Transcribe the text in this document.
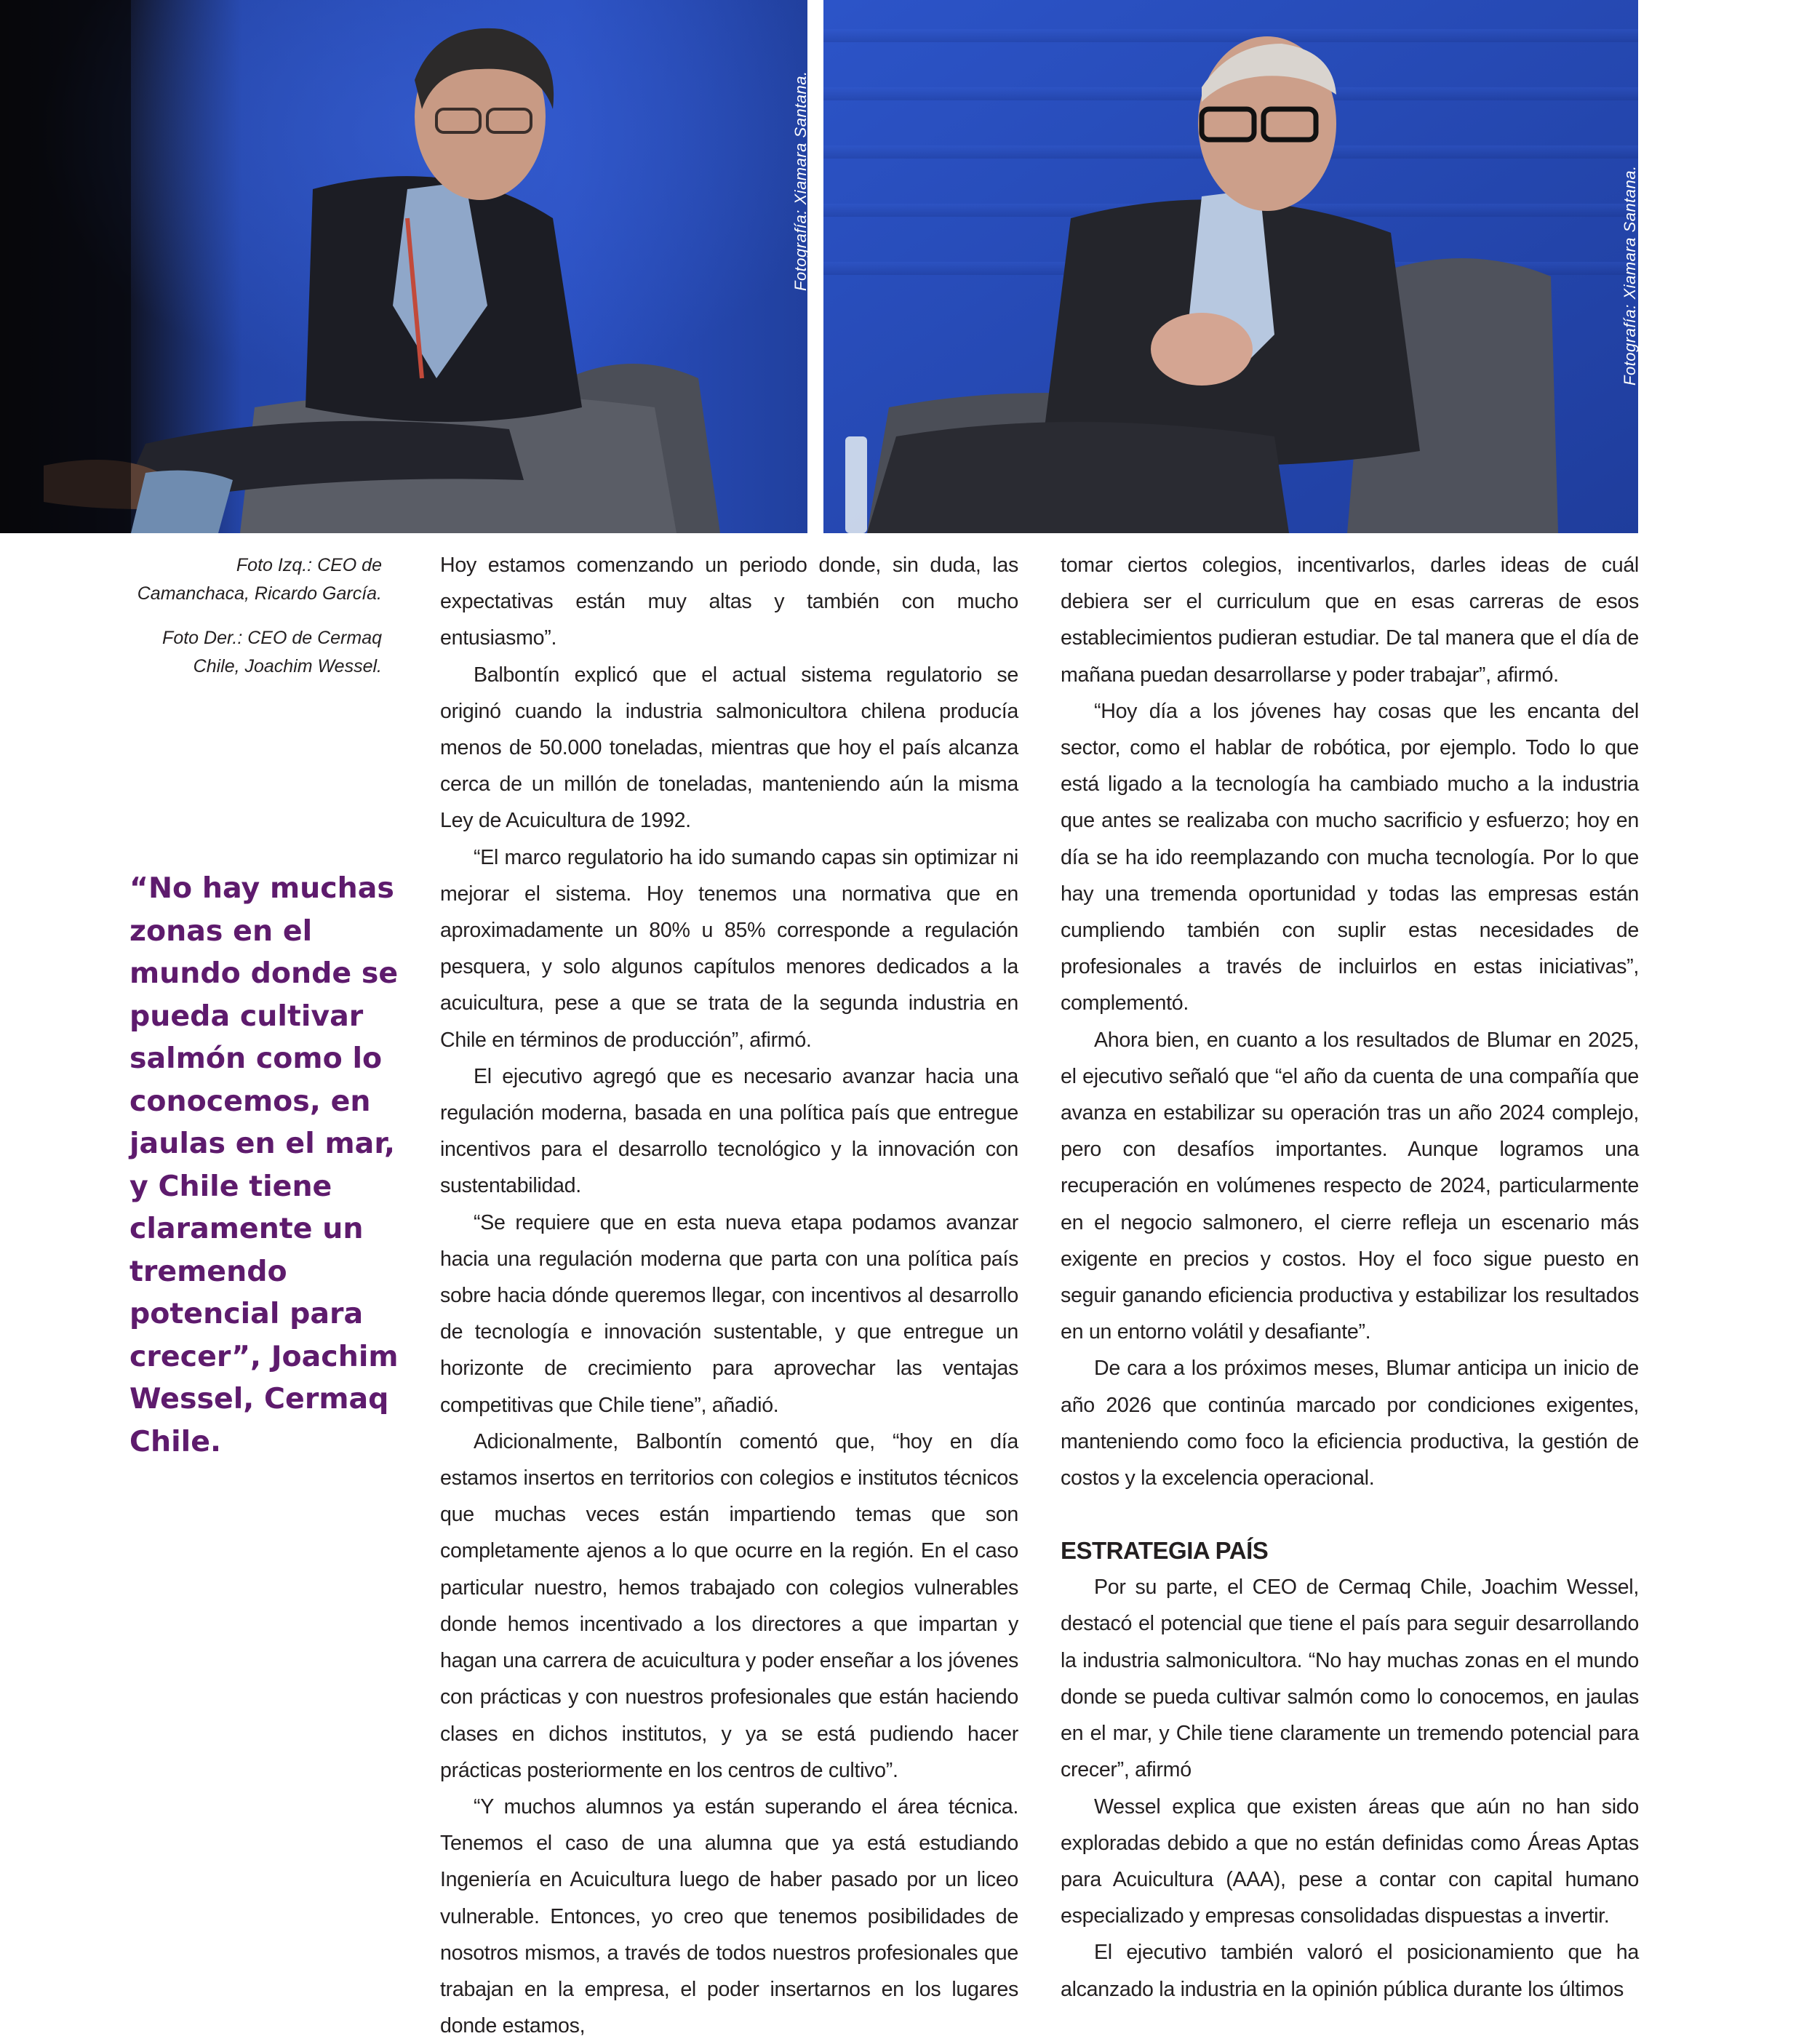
Fotografía: Xiamara Santana.	Fotografía: Xiamara Santana.

Foto Izq.: CEO de Camanchaca, Ricardo García.

Foto Der.: CEO de Cermaq Chile, Joachim Wessel.

“No hay muchas zonas en el mundo donde se pueda cultivar salmón como lo conocemos, en jaulas en el mar, y Chile tiene claramente un tremendo potencial para crecer”, Joachim Wessel, Cermaq Chile.

Hoy estamos comenzando un periodo donde, sin duda, las expectativas están muy altas y también con mucho entusiasmo”.

Balbontín explicó que el actual sistema regulatorio se originó cuando la industria salmonicultora chilena producía menos de 50.000 toneladas, mientras que hoy el país alcanza cerca de un millón de toneladas, manteniendo aún la misma Ley de Acuicultura de 1992.

“El marco regulatorio ha ido sumando capas sin optimizar ni mejorar el sistema. Hoy tenemos una normativa que en aproximadamente un 80% u 85% corresponde a regulación pesquera, y solo algunos capítulos menores dedicados a la acuicultura, pese a que se trata de la segunda industria en Chile en términos de producción”, afirmó.

El ejecutivo agregó que es necesario avanzar hacia una regulación moderna, basada en una política país que entregue incentivos para el desarrollo tecnológico y la innovación con sustentabilidad.

“Se requiere que en esta nueva etapa podamos avanzar hacia una regulación moderna que parta con una política país sobre hacia dónde queremos llegar, con incentivos al desarrollo de tecnología e innovación sustentable, y que entregue un horizonte de crecimiento para aprovechar las ventajas competitivas que Chile tiene”, añadió.

Adicionalmente, Balbontín comentó que, “hoy en día estamos insertos en territorios con colegios e institutos técnicos que muchas veces están impartiendo temas que son completamente ajenos a lo que ocurre en la región. En el caso particular nuestro, hemos trabajado con colegios vulnerables donde hemos incentivado a los directores a que impartan y hagan una carrera de acuicultura y poder enseñar a los jóvenes con prácticas y con nuestros profesionales que están haciendo clases en dichos institutos, y ya se está pudiendo hacer prácticas posteriormente en los centros de cultivo”.

“Y muchos alumnos ya están superando el área técnica. Tenemos el caso de una alumna que ya está estudiando Ingeniería en Acuicultura luego de haber pasado por un liceo vulnerable. Entonces, yo creo que tenemos posibilidades de nosotros mismos, a través de todos nuestros profesionales que trabajan en la empresa, el poder insertarnos en los lugares donde estamos,

tomar ciertos colegios, incentivarlos, darles ideas de cuál debiera ser el curriculum que en esas carreras de esos establecimientos pudieran estudiar. De tal manera que el día de mañana puedan desarrollarse y poder trabajar”, afirmó.

“Hoy día a los jóvenes hay cosas que les encanta del sector, como el hablar de robótica, por ejemplo. Todo lo que está ligado a la tecnología ha cambiado mucho a la industria que antes se realizaba con mucho sacrificio y esfuerzo; hoy en día se ha ido reemplazando con mucha tecnología. Por lo que hay una tremenda oportunidad y todas las empresas están cumpliendo también con suplir estas necesidades de profesionales a través de incluirlos en estas iniciativas”, complementó.

Ahora bien, en cuanto a los resultados de Blumar en 2025, el ejecutivo señaló que “el año da cuenta de una compañía que avanza en estabilizar su operación tras un año 2024 complejo, pero con desafíos importantes. Aunque logramos una recuperación en volúmenes respecto de 2024, particularmente en el negocio salmonero, el cierre refleja un escenario más exigente en precios y costos. Hoy el foco sigue puesto en seguir ganando eficiencia productiva y estabilizar los resultados en un entorno volátil y desafiante”.

De cara a los próximos meses, Blumar anticipa un inicio de año 2026 que continúa marcado por condiciones exigentes, manteniendo como foco la eficiencia productiva, la gestión de costos y la excelencia operacional.

ESTRATEGIA PAÍS

Por su parte, el CEO de Cermaq Chile, Joachim Wessel, destacó el potencial que tiene el país para seguir desarrollando la industria salmonicultora. “No hay muchas zonas en el mundo donde se pueda cultivar salmón como lo conocemos, en jaulas en el mar, y Chile tiene claramente un tremendo potencial para crecer”, afirmó

Wessel explica que existen áreas que aún no han sido exploradas debido a que no están definidas como Áreas Aptas para Acuicultura (AAA), pese a contar con capital humano especializado y empresas consolidadas dispuestas a invertir.

El ejecutivo también valoró el posicionamiento que ha alcanzado la industria en la opinión pública durante los últimos
